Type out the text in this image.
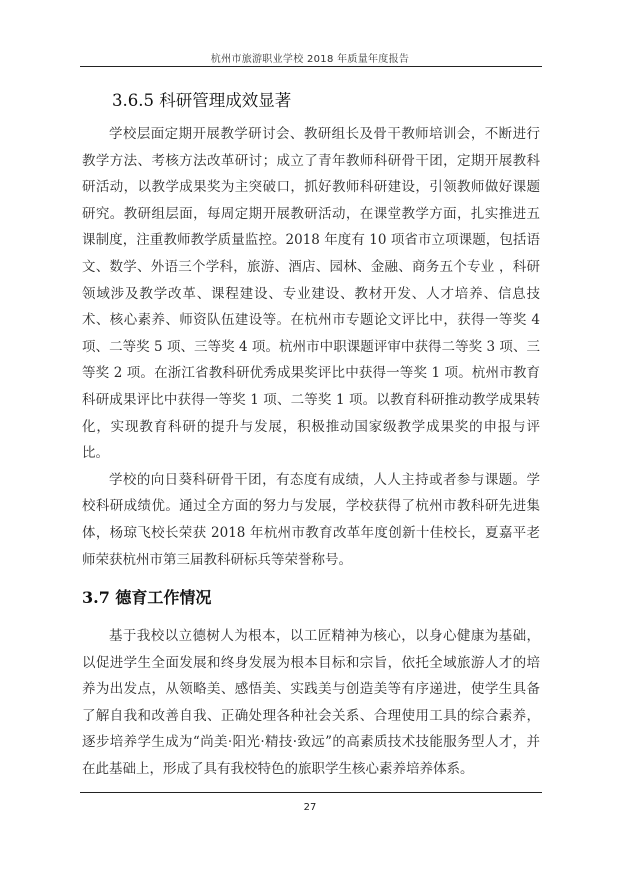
杭州市旅游职业学校 2018 年质量年度报告
3.6.5 科研管理成效显著

学校层面定期开展教学研讨会、教研组长及骨干教师培训会，不断进行教学方法、考核方法改革研讨；成立了青年教师科研骨干团，定期开展教科研活动，以教学成果奖为主突破口，抓好教师科研建设，引领教师做好课题研究。教研组层面，每周定期开展教研活动，在课堂教学方面，扎实推进五课制度，注重教师教学质量监控。2018 年度有 10 项省市立项课题，包括语文、数学、外语三个学科，旅游、酒店、园林、金融、商务五个专业 ，科研领域涉及教学改革、课程建设、专业建设、教材开发、人才培养、信息技术、核心素养、师资队伍建设等。在杭州市专题论文评比中，获得一等奖 4 项、二等奖 5 项、三等奖 4 项。杭州市中职课题评审中获得二等奖 3 项、三等奖 2 项。在浙江省教科研优秀成果奖评比中获得一等奖 1 项。杭州市教育科研成果评比中获得一等奖 1 项、二等奖 1 项。以教育科研推动教学成果转化，实现教育科研的提升与发展，积极推动国家级教学成果奖的申报与评比。

学校的向日葵科研骨干团，有态度有成绩，人人主持或者参与课题。学校科研成绩优。通过全方面的努力与发展，学校获得了杭州市教科研先进集体，杨琼飞校长荣获 2018 年杭州市教育改革年度创新十佳校长，夏嘉平老师荣获杭州市第三届教科研标兵等荣誉称号。

3.7 德育工作情况

基于我校以立德树人为根本，以工匠精神为核心，以身心健康为基础，以促进学生全面发展和终身发展为根本目标和宗旨，依托全域旅游人才的培养为出发点，从领略美、感悟美、实践美与创造美等有序递进，使学生具备了解自我和改善自我、正确处理各种社会关系、合理使用工具的综合素养，逐步培养学生成为“尚美·阳光·精技·致远”的高素质技术技能服务型人才，并在此基础上，形成了具有我校特色的旅职学生核心素养培养体系。

27
